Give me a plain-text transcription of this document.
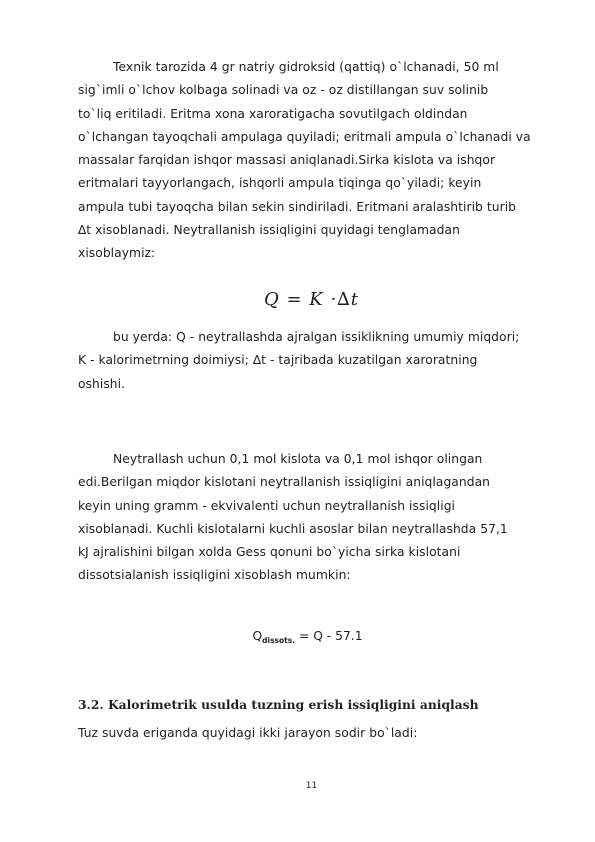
Texnik tarozida 4 gr natriy gidroksid (qattiq) o`lchanadi, 50 ml
sig`imli o`lchov kolbaga solinadi va oz - oz distillangan suv solinib
to`liq eritiladi. Eritma xona xaroratigacha sovutilgach oldindan
o`lchangan tayoqchali ampulaga quyiladi; eritmali ampula o`lchanadi va
massalar farqidan ishqor massasi aniqlanadi.Sirka kislota va ishqor
eritmalari tayyorlangach, ishqorli ampula tiqinga qo`yiladi; keyin
ampula tubi tayoqcha bilan sekin sindiriladi. Eritmani aralashtirib turib
∆t xisoblanadi. Neytrallanish issiqligini quyidagi tenglamadan
xisoblaymiz:

Q = K ·∆t

bu yerda: Q - neytrallashda ajralgan issiklikning umumiy miqdori;
K - kalorimetrning doimiysi; ∆t - tajribada kuzatilgan xaroratning
oshishi.

Neytrallash uchun 0,1 mol kislota va 0,1 mol ishqor olingan
edi.Berilgan miqdor kislotani neytrallanish issiqligini aniqlagandan
keyin uning gramm - ekvivalenti uchun neytrallanish issiqligi
xisoblanadi. Kuchli kislotalarni kuchli asoslar bilan neytrallashda 57,1
kJ ajralishini bilgan xolda Gess qonuni bo`yicha sirka kislotani
dissotsialanish issiqligini xisoblash mumkin:

$Q_{dissots.} = Q - 57.1$
3.2. Kalorimetrik usulda tuzning erish issiqligini aniqlash

Tuz suvda eriganda quyidagi ikki jarayon sodir bo`ladi:

11
